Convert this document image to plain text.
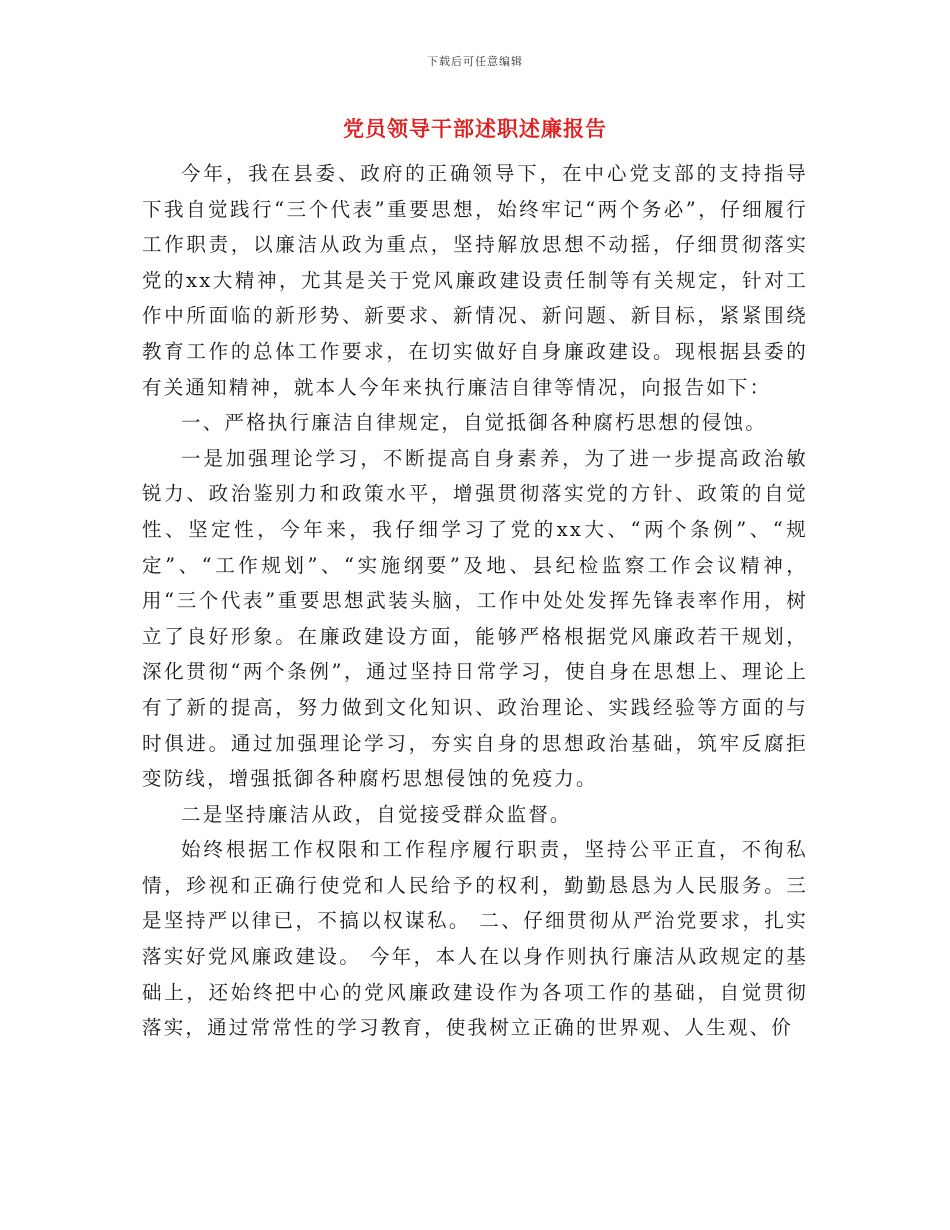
下载后可任意编辑
党员领导干部述职述廉报告

今年，我在县委、政府的正确领导下，在中心党支部的支持指导下我自觉践行“三个代表”重要思想，始终牢记“两个务必”，仔细履行工作职责，以廉洁从政为重点，坚持解放思想不动摇，仔细贯彻落实党的xx大精神，尤其是关于党风廉政建设责任制等有关规定，针对工作中所面临的新形势、新要求、新情况、新问题、新目标，紧紧围绕教育工作的总体工作要求，在切实做好自身廉政建设。现根据县委的有关通知精神，就本人今年来执行廉洁自律等情况，向报告如下：

一、严格执行廉洁自律规定，自觉抵御各种腐朽思想的侵蚀。

一是加强理论学习，不断提高自身素养，为了进一步提高政治敏锐力、政治鉴别力和政策水平，增强贯彻落实党的方针、政策的自觉性、坚定性，今年来，我仔细学习了党的xx大、“两个条例”、“规定”、“工作规划”、“实施纲要”及地、县纪检监察工作会议精神，用“三个代表”重要思想武装头脑，工作中处处发挥先锋表率作用，树立了良好形象。在廉政建设方面，能够严格根据党风廉政若干规划，深化贯彻“两个条例”，通过坚持日常学习，使自身在思想上、理论上有了新的提高，努力做到文化知识、政治理论、实践经验等方面的与时俱进。通过加强理论学习，夯实自身的思想政治基础，筑牢反腐拒变防线，增强抵御各种腐朽思想侵蚀的免疫力。

二是坚持廉洁从政，自觉接受群众监督。

始终根据工作权限和工作程序履行职责，坚持公平正直，不徇私情，珍视和正确行使党和人民给予的权利，勤勤恳恳为人民服务。三是坚持严以律已，不搞以权谋私。 二、仔细贯彻从严治党要求，扎实落实好党风廉政建设。 今年，本人在以身作则执行廉洁从政规定的基础上，还始终把中心的党风廉政建设作为各项工作的基础，自觉贯彻落实，通过常常性的学习教育，使我树立正确的世界观、人生观、价
